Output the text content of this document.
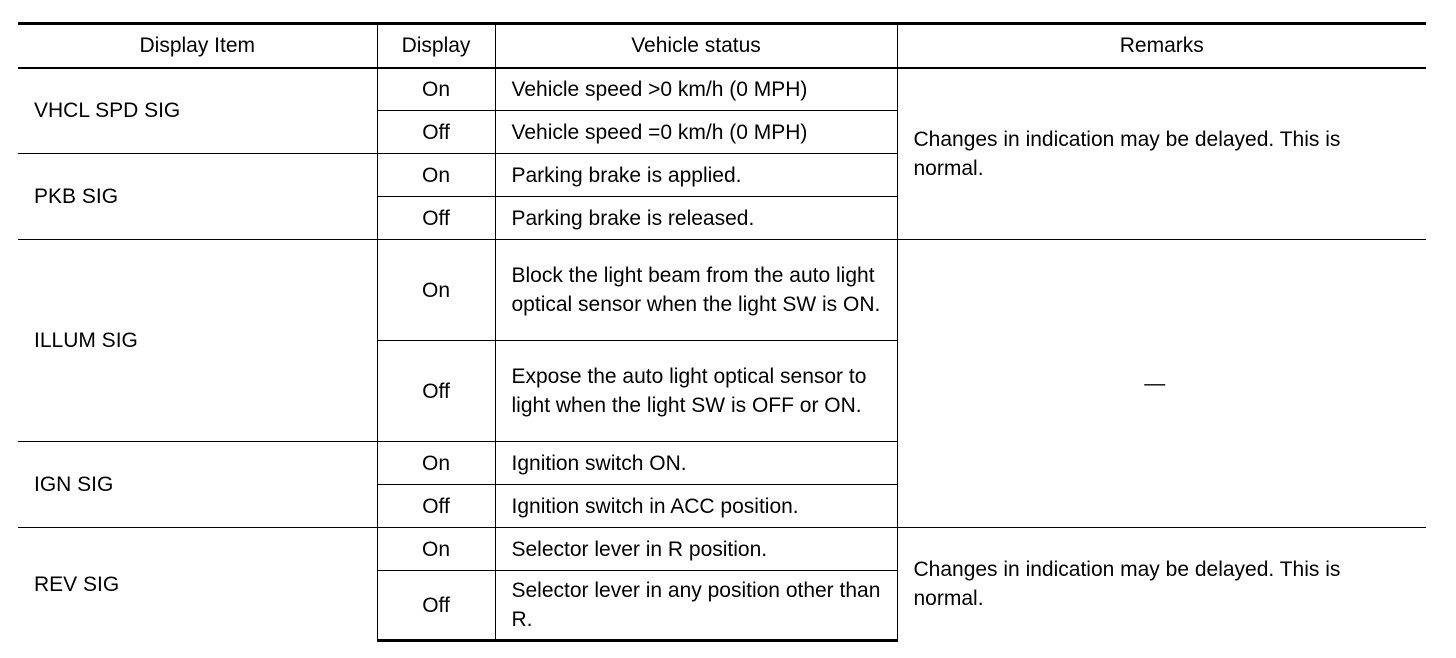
Display Item	Display	Vehicle status	Remarks
VHCL SPD SIG	On	Vehicle speed >0 km/h (0 MPH)	Changes in indication may be delayed. This is normal.
	Off	Vehicle speed =0 km/h (0 MPH)	
PKB SIG	On	Parking brake is applied.	
	Off	Parking brake is released.	
ILLUM SIG	On	Block the light beam from the auto light optical sensor when the light SW is ON.	—
	Off	Expose the auto light optical sensor to light when the light SW is OFF or ON.	
IGN SIG	On	Ignition switch ON.	
	Off	Ignition switch in ACC position.	
REV SIG	On	Selector lever in R position.	Changes in indication may be delayed. This is normal.
	Off	Selector lever in any position other than R.	
